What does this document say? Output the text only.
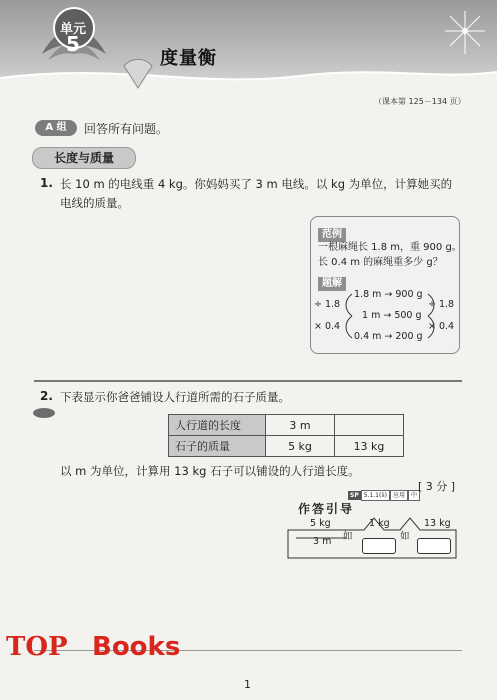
单元
5
度量衡
（课本第 125－134 页）
A 组	回答所有问题。
长度与质量
1. 长 10 m 的电线重 4 kg。你妈妈买了 3 m 电线。以 kg 为单位，计算她买的
电线的质量。
范例
一根麻绳长 1.8 m，重 900 g。
长 0.4 m 的麻绳重多少 g？
题解
1.8 m → 900 g
1 m → 500 g
0.4 m → 200 g
÷ 1.8	÷ 1.8
× 0.4	× 0.4
2. 下表显示你爸爸铺设人行道所需的石子质量。
人行道的长度	3 m	
石子的质量	5 kg	13 kg
以 m 为单位，计算用 13 kg 石子可以铺设的人行道长度。
SP 5.1.1(ii) 应用 中
[ 3 分 ]
作答引导
5 kg
3 m 如
1 kg
如
13 kg
TOP Books
1
